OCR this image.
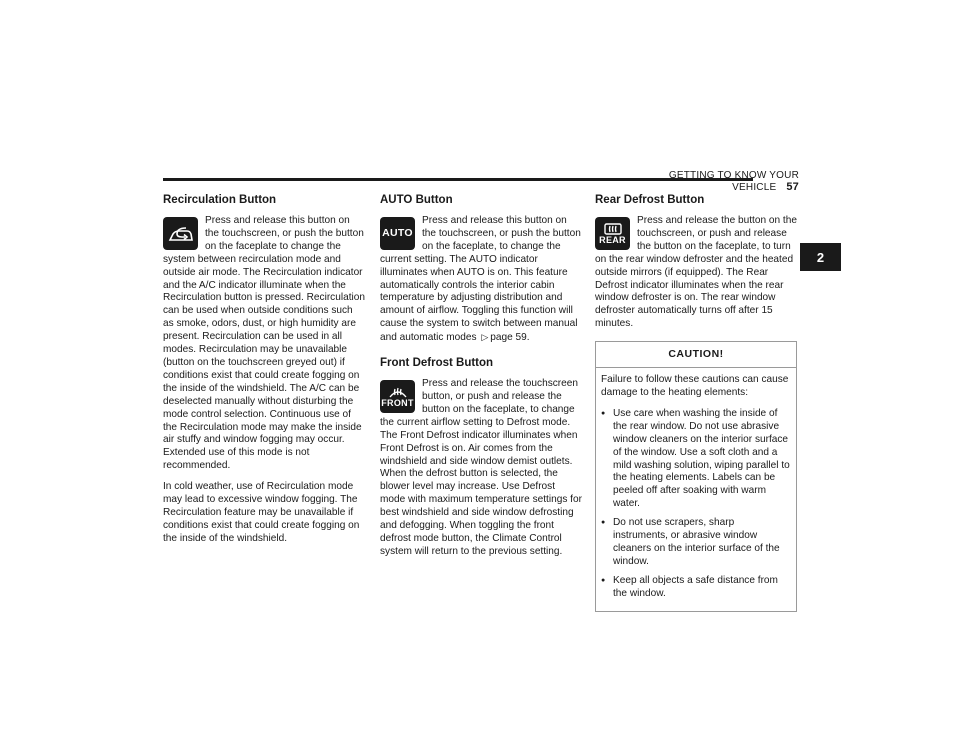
GETTING TO KNOW YOUR VEHICLE 57
2
Recirculation Button

Press and release this button on the touchscreen, or push the button on the faceplate to change the system between recirculation mode and outside air mode. The Recirculation indicator and the A/C indicator illuminate when the Recirculation button is pressed. Recirculation can be used when outside conditions such as smoke, odors, dust, or high humidity are present. Recirculation can be used in all modes. Recirculation may be unavailable (button on the touchscreen greyed out) if conditions exist that could create fogging on the inside of the windshield. The A/C can be deselected manually without disturbing the mode control selection. Continuous use of the Recirculation mode may make the inside air stuffy and window fogging may occur. Extended use of this mode is not recommended.

In cold weather, use of Recirculation mode may lead to excessive window fogging. The Recirculation feature may be unavailable if conditions exist that could create fogging on the inside of the windshield.

AUTO Button
AUTO

Press and release this button on the touchscreen, or push the button on the faceplate, to change the current setting. The AUTO indicator illuminates when AUTO is on. This feature automatically controls the interior cabin temperature by adjusting distribution and amount of airflow. Toggling this function will cause the system to switch between manual and automatic modes ▷ page 59.

Front Defrost Button
FRONT

Press and release the touchscreen button, or push and release the button on the faceplate, to change the current airflow setting to Defrost mode. The Front Defrost indicator illuminates when Front Defrost is on. Air comes from the windshield and side window demist outlets. When the defrost button is selected, the blower level may increase. Use Defrost mode with maximum temperature settings for best windshield and side window defrosting and defogging. When toggling the front defrost mode button, the Climate Control system will return to the previous setting.

Rear Defrost Button
REAR

Press and release the button on the touchscreen, or push and release the button on the faceplate, to turn on the rear window defroster and the heated outside mirrors (if equipped). The Rear Defrost indicator illuminates when the rear window defroster is on. The rear window defroster automatically turns off after 15 minutes.

CAUTION!

Failure to follow these cautions can cause damage to the heating elements:

● Use care when washing the inside of the rear window. Do not use abrasive window cleaners on the interior surface of the window. Use a soft cloth and a mild washing solution, wiping parallel to the heating elements. Labels can be peeled off after soaking with warm water.
● Do not use scrapers, sharp instruments, or abrasive window cleaners on the interior surface of the window.
● Keep all objects a safe distance from the window.
